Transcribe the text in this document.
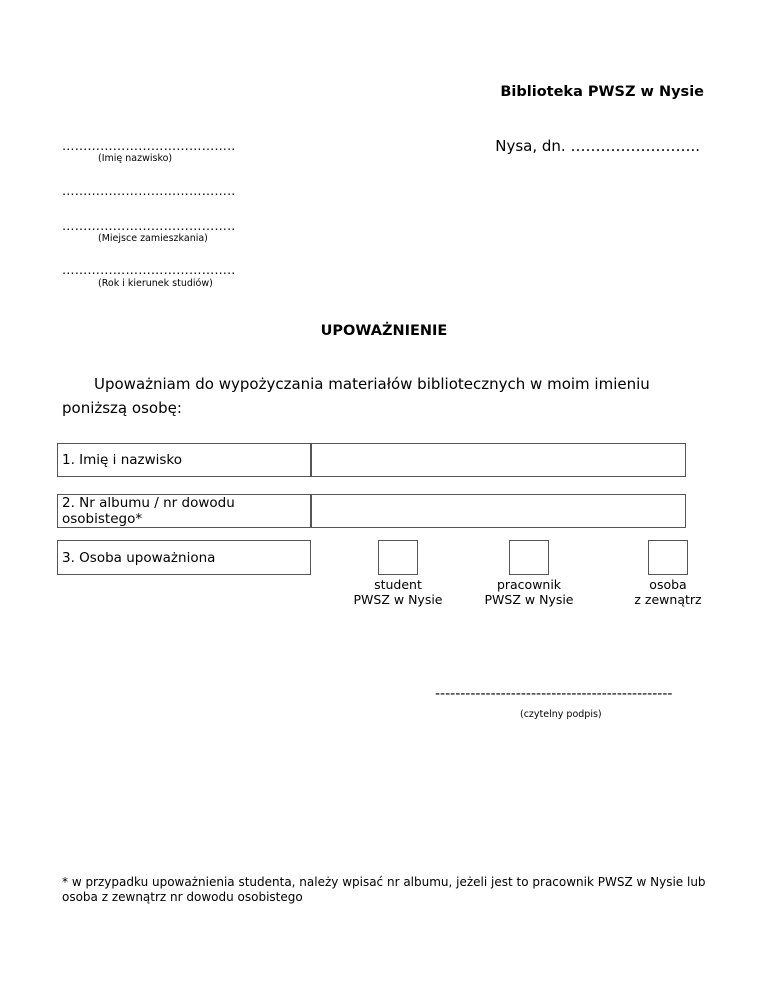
Biblioteka PWSZ w Nysie
…………………………………..	Nysa, dn. ……………………..
(Imię nazwisko)
…………………………………..
…………………………………..
(Miejsce zamieszkania)
…………………………………..
(Rok i kierunek studiów)
UPOWAŻNIENIE
Upoważniam do wypożyczania materiałów bibliotecznych w moim imieniu poniższą osobę:
1. Imię i nazwisko
2. Nr albumu / nr dowodu osobistego*
3. Osoba upoważniona
student
PWSZ w Nysie
pracownik
PWSZ w Nysie
osoba
z zewnątrz
-----------------------------------------------
(czytelny podpis)
* w przypadku upoważnienia studenta, należy wpisać nr albumu, jeżeli jest to pracownik PWSZ w Nysie lub osoba z zewnątrz nr dowodu osobistego
